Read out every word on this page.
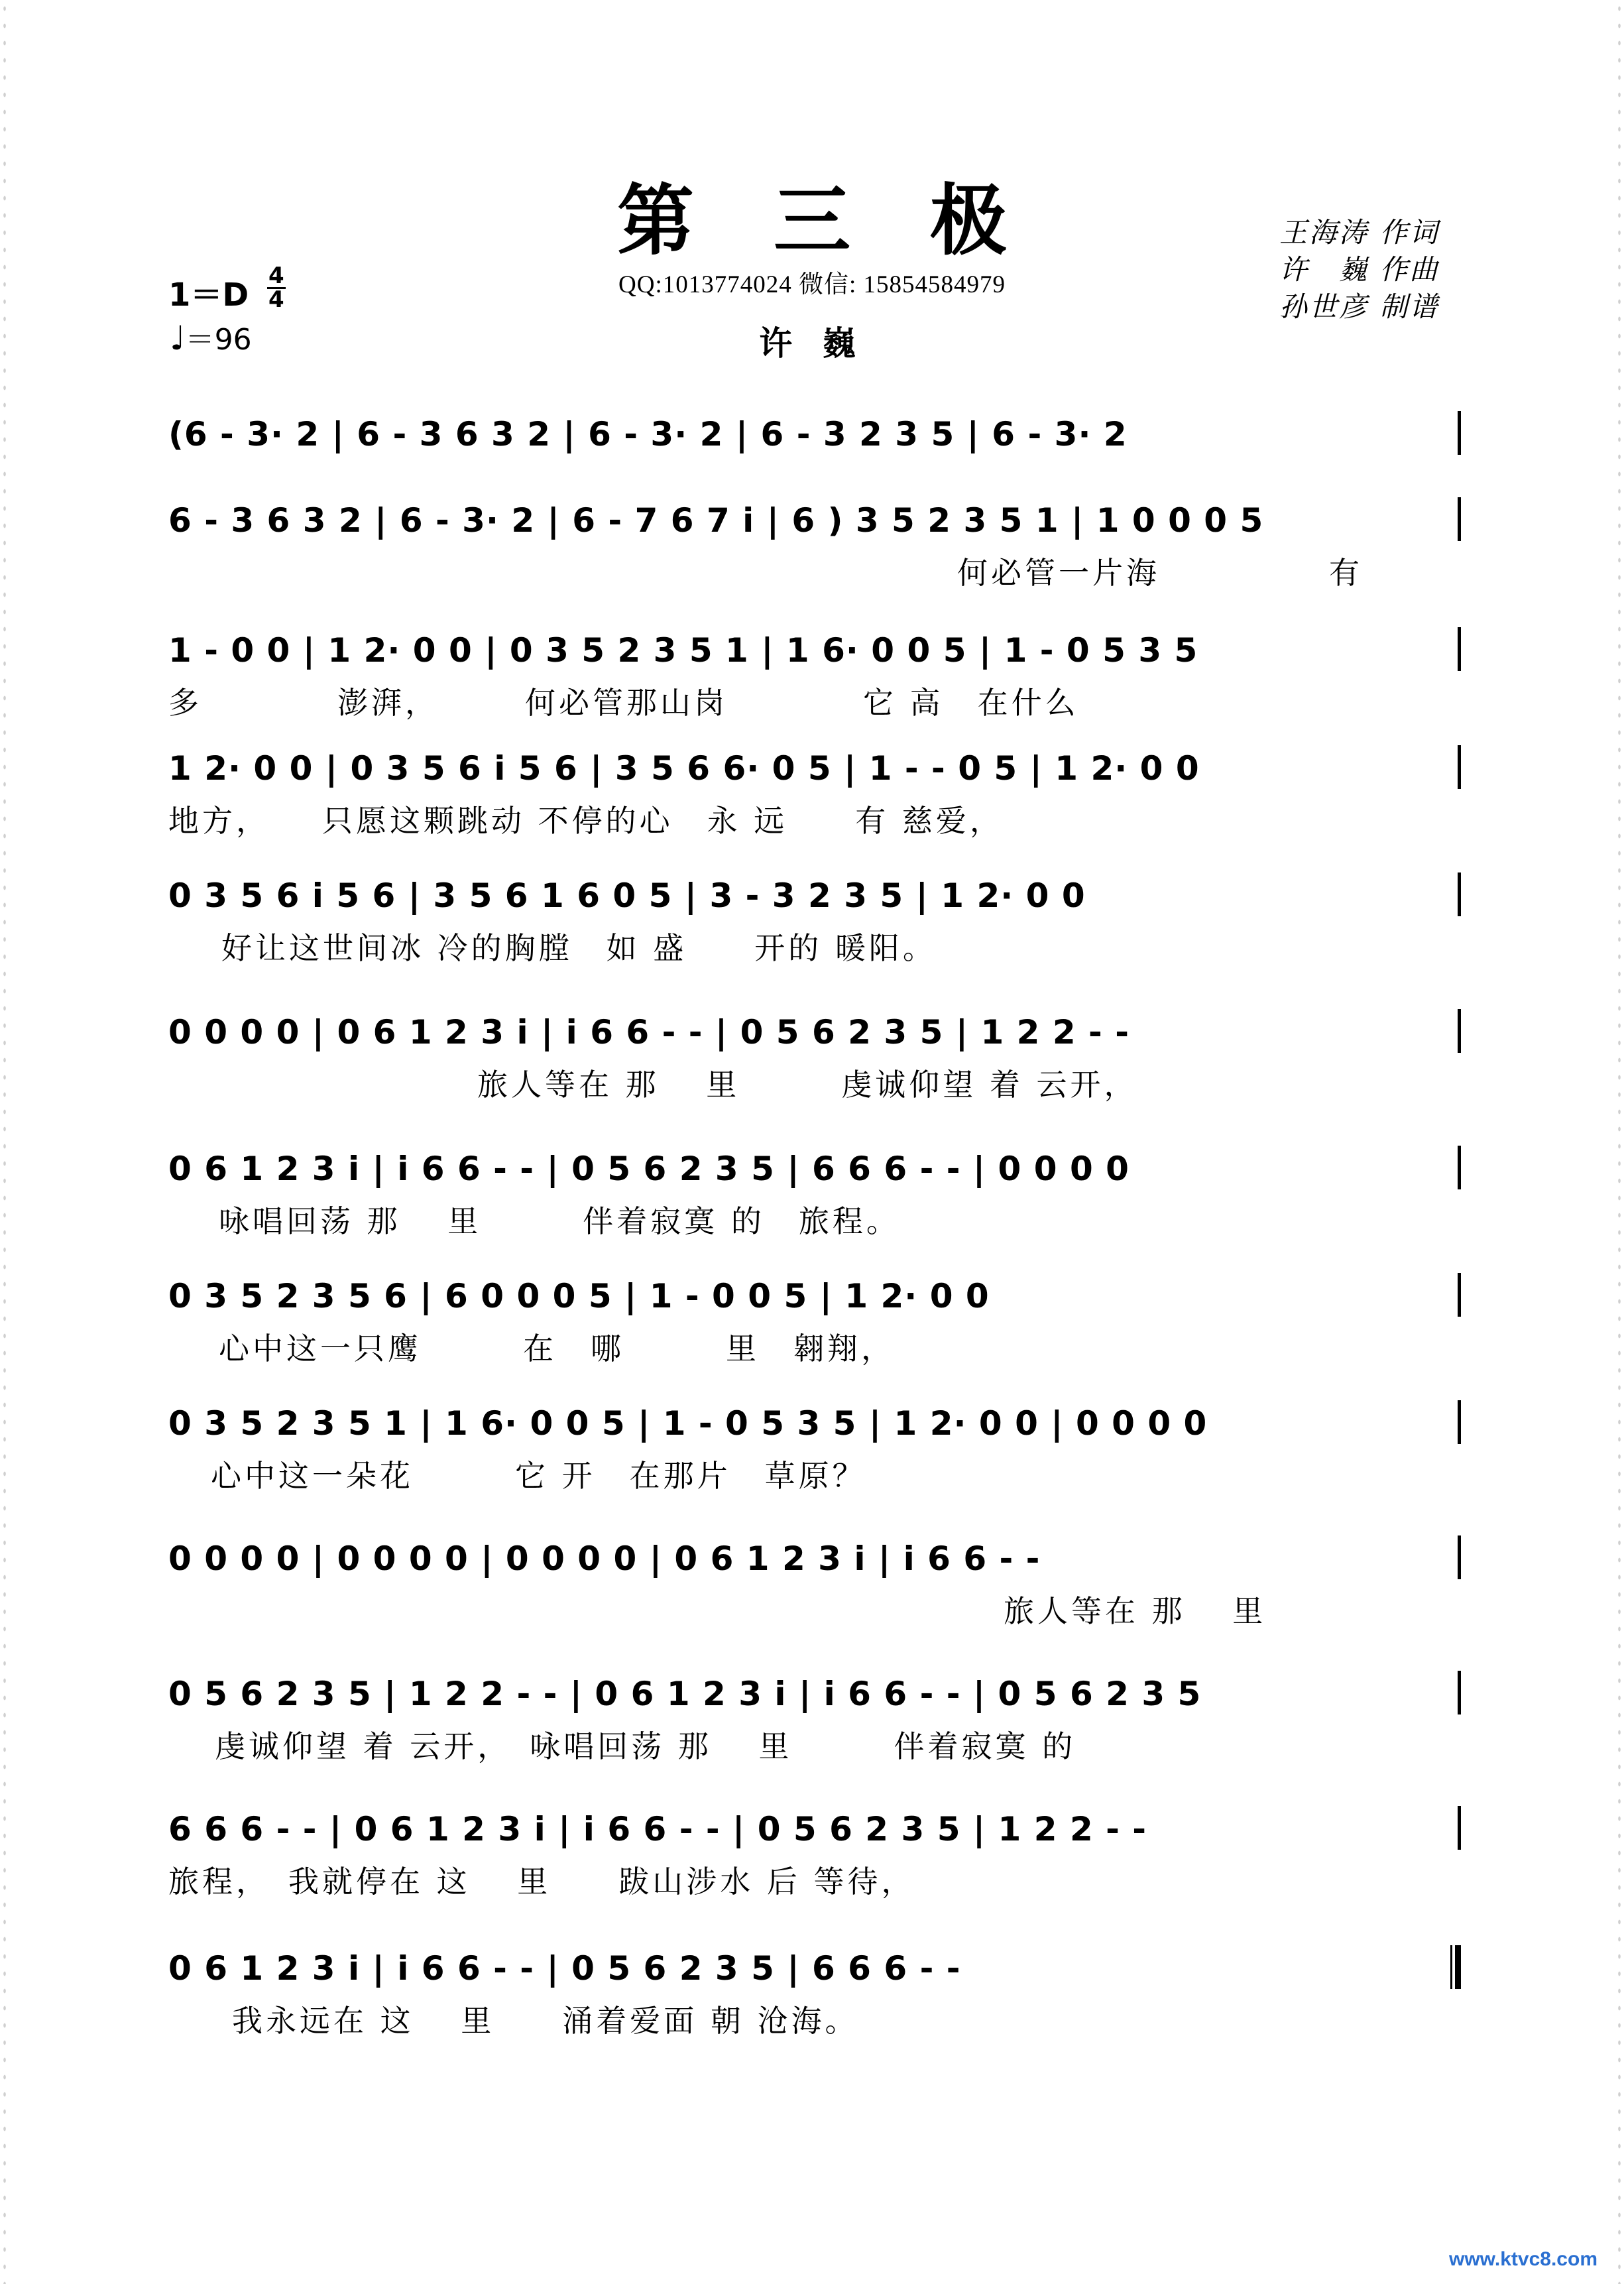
第三极
QQ:1013774024 微信: 15854584979
许 巍
王海涛 作词
许　巍 作曲
孙世彦 制谱
1＝D
4
4
♩＝96
(6 - 3· 2 | 6 - 3 6 3 2 | 6 - 3· 2 | 6 - 3 2 3 5 | 6 - 3· 2
6 - 3 6 3 2 | 6 - 3· 2 | 6 - 7 6 7 i | 6 ) 3 5 2 3 5 1 | 1 0 0 0 5
何必管一片海　　　　　有
1 - 0 0 | 1 2· 0 0 | 0 3 5 2 3 5 1 | 1 6· 0 0 5 | 1 - 0 5 3 5
多　　　　澎湃，　　　何必管那山岗　　　　它 高　在什么
1 2· 0 0 | 0 3 5 6 i 5 6 | 3 5 6 6· 0 5 | 1 - - 0 5 | 1 2· 0 0
地方，　　只愿这颗跳动 不停的心　永 远　　有 慈爱，
0 3 5 6 i 5 6 | 3 5 6 1 6 0 5 | 3 - 3 2 3 5 | 1 2· 0 0
好让这世间冰 冷的胸膛　如 盛　　开的 暖阳。
0 0 0 0 | 0 6 1 2 3 i | i 6 6 - - | 0 5 6 2 3 5 | 1 2 2 - -
旅人等在 那　 里　　　虔诚仰望 着 云开，
0 6 1 2 3 i | i 6 6 - - | 0 5 6 2 3 5 | 6 6 6 - - | 0 0 0 0
咏唱回荡 那　 里　　　伴着寂寞 的　旅程。
0 3 5 2 3 5 6 | 6 0 0 0 5 | 1 - 0 0 5 | 1 2· 0 0
心中这一只鹰　　　在　哪　　　里　翱翔，
0 3 5 2 3 5 1 | 1 6· 0 0 5 | 1 - 0 5 3 5 | 1 2· 0 0 | 0 0 0 0
心中这一朵花　　　它 开　在那片　草原？
0 0 0 0 | 0 0 0 0 | 0 0 0 0 | 0 6 1 2 3 i | i 6 6 - -
旅人等在 那　 里
0 5 6 2 3 5 | 1 2 2 - - | 0 6 1 2 3 i | i 6 6 - - | 0 5 6 2 3 5
虔诚仰望 着 云开，　咏唱回荡 那　 里　　　伴着寂寞 的
6 6 6 - - | 0 6 1 2 3 i | i 6 6 - - | 0 5 6 2 3 5 | 1 2 2 - -
旅程，　我就停在 这　 里　　跋山涉水 后 等待，
0 6 1 2 3 i | i 6 6 - - | 0 5 6 2 3 5 | 6 6 6 - -
我永远在 这　 里　　涌着爱面 朝 沧海。
www.ktvc8.com
